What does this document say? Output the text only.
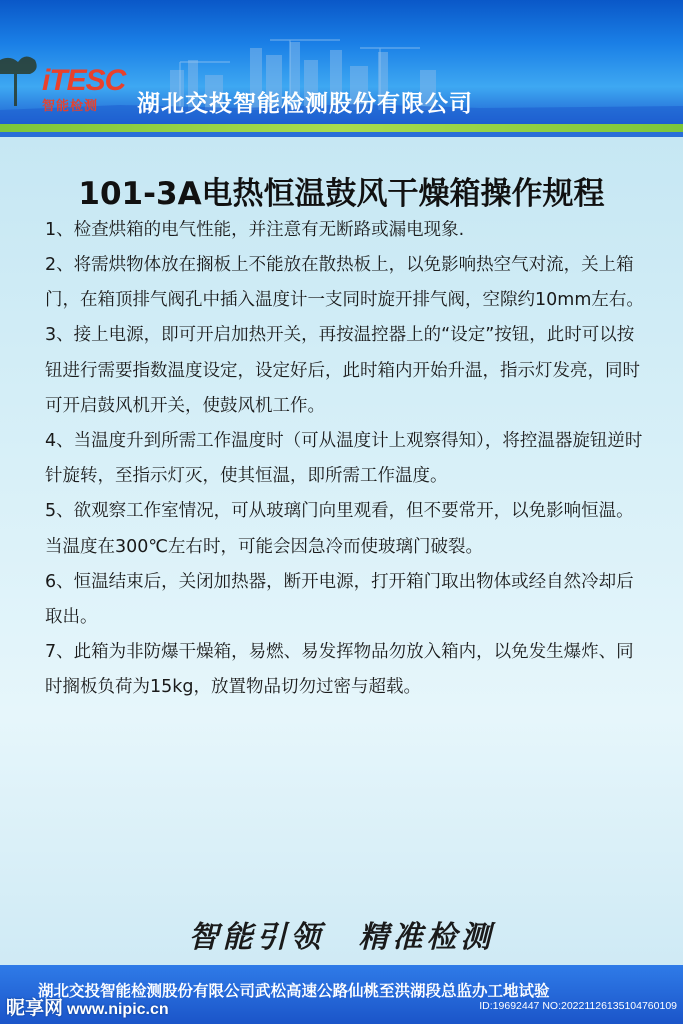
iTESC
智能检测	湖北交投智能检测股份有限公司
101-3A电热恒温鼓风干燥箱操作规程

1、检查烘箱的电气性能，并注意有无断路或漏电现象.

2、将需烘物体放在搁板上不能放在散热板上，以免影响热空气对流，关上箱门，在箱顶排气阀孔中插入温度计一支同时旋开排气阀，空隙约10mm左右。

3、接上电源，即可开启加热开关，再按温控器上的“设定”按钮，此时可以按钮进行需要指数温度设定，设定好后，此时箱内开始升温，指示灯发亮，同时可开启鼓风机开关，使鼓风机工作。

4、当温度升到所需工作温度时（可从温度计上观察得知），将控温器旋钮逆时针旋转，至指示灯灭，使其恒温，即所需工作温度。

5、欲观察工作室情况，可从玻璃门向里观看，但不要常开，以免影响恒温。当温度在300℃左右时，可能会因急冷而使玻璃门破裂。

6、恒温结束后，关闭加热器，断开电源，打开箱门取出物体或经自然冷却后取出。

7、此箱为非防爆干燥箱，易燃、易发挥物品勿放入箱内，以免发生爆炸、同时搁板负荷为15kg，放置物品切勿过密与超载。

智能引领　精准检测
湖北交投智能检测股份有限公司武松高速公路仙桃至洪湖段总监办工地试验
昵享网 www.nipic.cn	ID:19692447 NO:20221126135104760109
